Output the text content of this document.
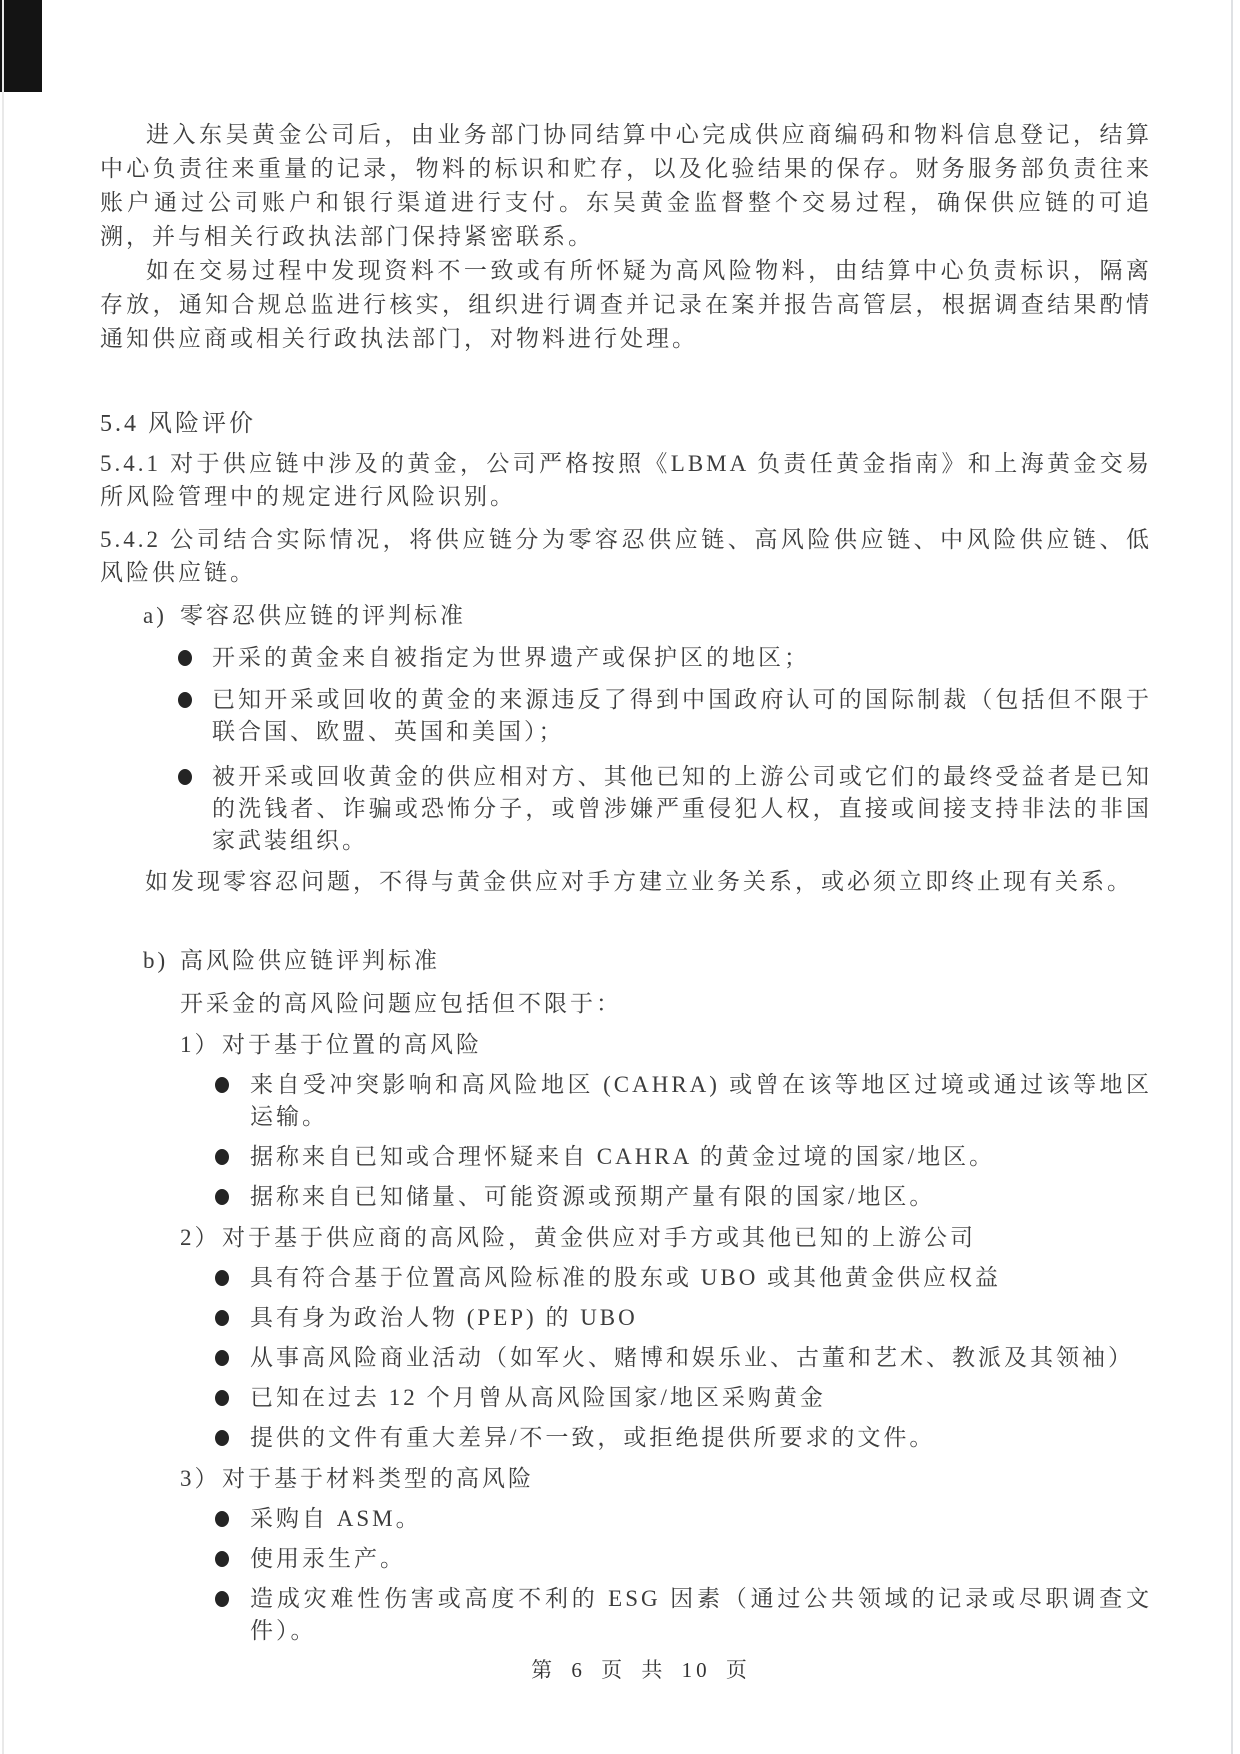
进入东吴黄金公司后，由业务部门协同结算中心完成供应商编码和物料信息登记，结算中心负责往来重量的记录，物料的标识和贮存，以及化验结果的保存。财务服务部负责往来账户通过公司账户和银行渠道进行支付。东吴黄金监督整个交易过程，确保供应链的可追溯，并与相关行政执法部门保持紧密联系。

如在交易过程中发现资料不一致或有所怀疑为高风险物料，由结算中心负责标识，隔离存放，通知合规总监进行核实，组织进行调查并记录在案并报告高管层，根据调查结果酌情通知供应商或相关行政执法部门，对物料进行处理。

5.4 风险评价

5.4.1 对于供应链中涉及的黄金，公司严格按照《LBMA 负责任黄金指南》和上海黄金交易所风险管理中的规定进行风险识别。

5.4.2 公司结合实际情况，将供应链分为零容忍供应链、高风险供应链、中风险供应链、低风险供应链。

a) 零容忍供应链的评判标准
开采的黄金来自被指定为世界遗产或保护区的地区；
已知开采或回收的黄金的来源违反了得到中国政府认可的国际制裁（包括但不限于联合国、欧盟、英国和美国）；
被开采或回收黄金的供应相对方、其他已知的上游公司或它们的最终受益者是已知的洗钱者、诈骗或恐怖分子，或曾涉嫌严重侵犯人权，直接或间接支持非法的非国家武装组织。

如发现零容忍问题，不得与黄金供应对手方建立业务关系，或必须立即终止现有关系。

b) 高风险供应链评判标准

开采金的高风险问题应包括但不限于：

1） 对于基于位置的高风险
来自受冲突影响和高风险地区 (CAHRA) 或曾在该等地区过境或通过该等地区运输。
据称来自已知或合理怀疑来自 CAHRA 的黄金过境的国家/地区。
据称来自已知储量、可能资源或预期产量有限的国家/地区。
2） 对于基于供应商的高风险，黄金供应对手方或其他已知的上游公司
具有符合基于位置高风险标准的股东或 UBO 或其他黄金供应权益
具有身为政治人物 (PEP) 的 UBO
从事高风险商业活动（如军火、赌博和娱乐业、古董和艺术、教派及其领袖）
已知在过去 12 个月曾从高风险国家/地区采购黄金
提供的文件有重大差异/不一致，或拒绝提供所要求的文件。
3） 对于基于材料类型的高风险
采购自 ASM。
使用汞生产。
造成灾难性伤害或高度不利的 ESG 因素（通过公共领域的记录或尽职调查文件）。
第 6 页 共 10 页
